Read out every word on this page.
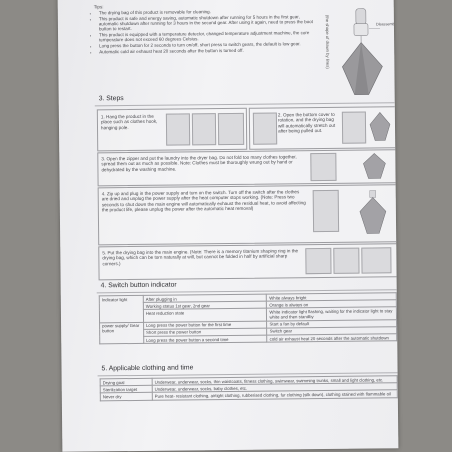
Tips:
• The drying bag of this product is removable for cleaning.
• This product is safe and energy saving, automatic shutdown after running for 5 hours in the first gear, automatic shutdown after running for 3 hours in the second gear. After using it again, need to press the boot button to restart.
• This product is equipped with a temperature detector, changed temperature adjustment machine, the core temperature does not exceed 60 degrees Celsius.
• Long press the button for 2 seconds to turn on/off, short press to switch gears, the default is low gear.
• Automatic cold air exhaust heat 20 seconds after the button is turned off.	(the shape of drawn by lines)	Disassemble
3. Steps
1. Hang the product in the place such as clothes hook, hanging pole.
2. Open the bottom cover to rotation, and the drying bag will automatically stretch out after being pulled out.
3. Open the zipper and put the laundry into the dryer bag. Do not fold too many clothes together, spread them out as much as possible. Note: Clothes must be thoroughly wrung out by hand or dehydrated by the washing machine.
4. Zip up and plug in the power supply and turn on the switch. Turn off the switch after the clothes are dried and unplug the power supply after the heat computer stops working. (Note: Press two seconds to shut down the main engine will automatically exhaust the residual heat, to avoid affecting the product life, please unplug the power after the automatic heat removal)
5. Put the drying bag into the main engine. (Note: There is a memory titanium shaping ring in the drying bag, which can be torn naturally at will, but cannot be folded in half by artificial sharp corners.)
4. Switch button indicator
Indicator light	After plugging in	White always bright
	Working status 1st gear, 2nd gear	Orange is always on
	Heat reduction state	White indicator light flashing, waiting for the indicator light to stay white and then standby
power supply/ Gear button	Long press the power button for the first time	Start a fan by default
	Short press the power button	Switch gear
	Long press the power button a second time	cold air exhaust heat 20 seconds after the automatic shutdown
5. Applicable clothing and time
Drying goal	Underwear, underwear, socks, thin waistcoats, fitness clothing, swimwear, swimming trunks, small and light clothing, etc.
Sterilization target	Underwear, underwear, socks, baby clothes, etc.
Never dry	Pure heat- resistant clothing, airtight clothing, rubberised clothing, fur clothing (silk down), clothing stained with flammable oil
